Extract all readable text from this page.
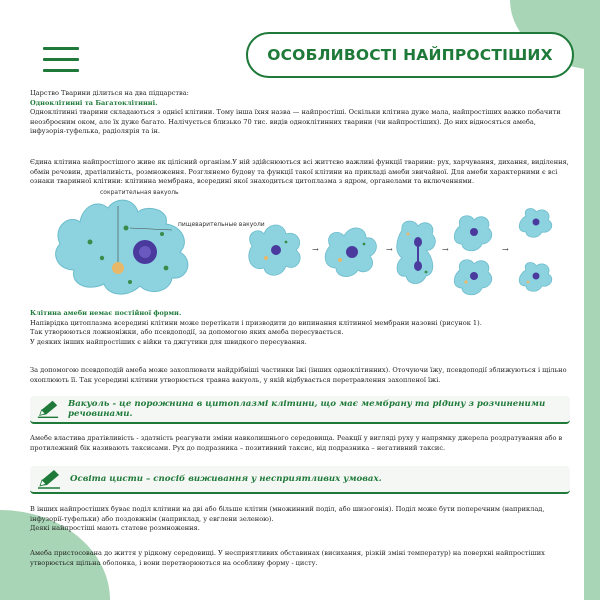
ОСОБЛИВОСТІ НАЙПРОСТІШИХ

Царство Тварини ділиться на два підцарства:

Одноклітинні та Багатоклітинні.

Одноклітинні тварини складаються з однієї клітини. Тому інша їхня назва — найпростіші. Оскільки клітина дуже мала, найпростіших важко побачити неозброєним оком, але їх дуже багато. Налічується близько 70 тис. видів одноклітинних тварини (чи найпростіших). До них відносяться амеба, інфузорія-туфелька, радіолярія та ін.

Єдина клітина найпростішого живе як цілісний організм.У ній здійснюються всі життєво важливі функції тварини: рух, харчування, дихання, виділення, обмін речовин, дратівливість, розмноження. Розглянемо будову та функції такої клітини на прикладі амеби звичайної. Для амеби характерними є всі ознаки тваринної клітини: клітинна мембрана, всередині якої знаходиться цитоплазма з ядром, органелами та включеннями.

сократительная вакуоль
пищеварительные вакуоли
→	→	→	→

Клітина амеби немає постійної форми.

Напіврідка цитоплазма всередині клітини може перетікати і призводити до випинання клітинної мембрани назовні (рисунок 1).

Так утворюються ложноніжки, або псевдоподії, за допомогою яких амеба пересувається.

У деяких інших найпростіших є війки та джгутики для швидкого пересування.

За допомогою псевдоподій амеба може захоплювати найдрібніші частинки їжі (інших одноклітинних). Оточуючи їжу, псевдоподії зближуються і щільно охоплюють її. Так усередині клітини утворюється травна вакуоль, у якій відбувається перетравлення захопленої їжі.

Вакуоль - це порожнина в цитоплазмі клітини, що має мембрану та рідину з розчиненими речовинами.

Амебе властива дратівливість - здатність реагувати зміни навколишнього середовища. Реакції у вигляді руху у напрямку джерела роздратування або в протилежний бік називають таксисами. Рух до подразника – позитивний таксис, від подразника – негативний таксис.

Освіта цисти – спосіб виживання у несприятливих умовах.

В інших найпростіших буває поділ клітини на дві або більше клітин (множинний поділ, або шизогонія). Поділ може бути поперечним (наприклад, інфузорії-туфельки) або поздовжнім (наприклад, у евглени зеленою).

Деякі найпростіші мають статеве розмноження.

Амеба пристосована до життя у рідкому середовищі. У несприятливих обставинах (висихання, різкій зміні температур) на поверхні найпростіших утворюється щільна оболонка, і вони перетворюються на особливу форму - цисту.
